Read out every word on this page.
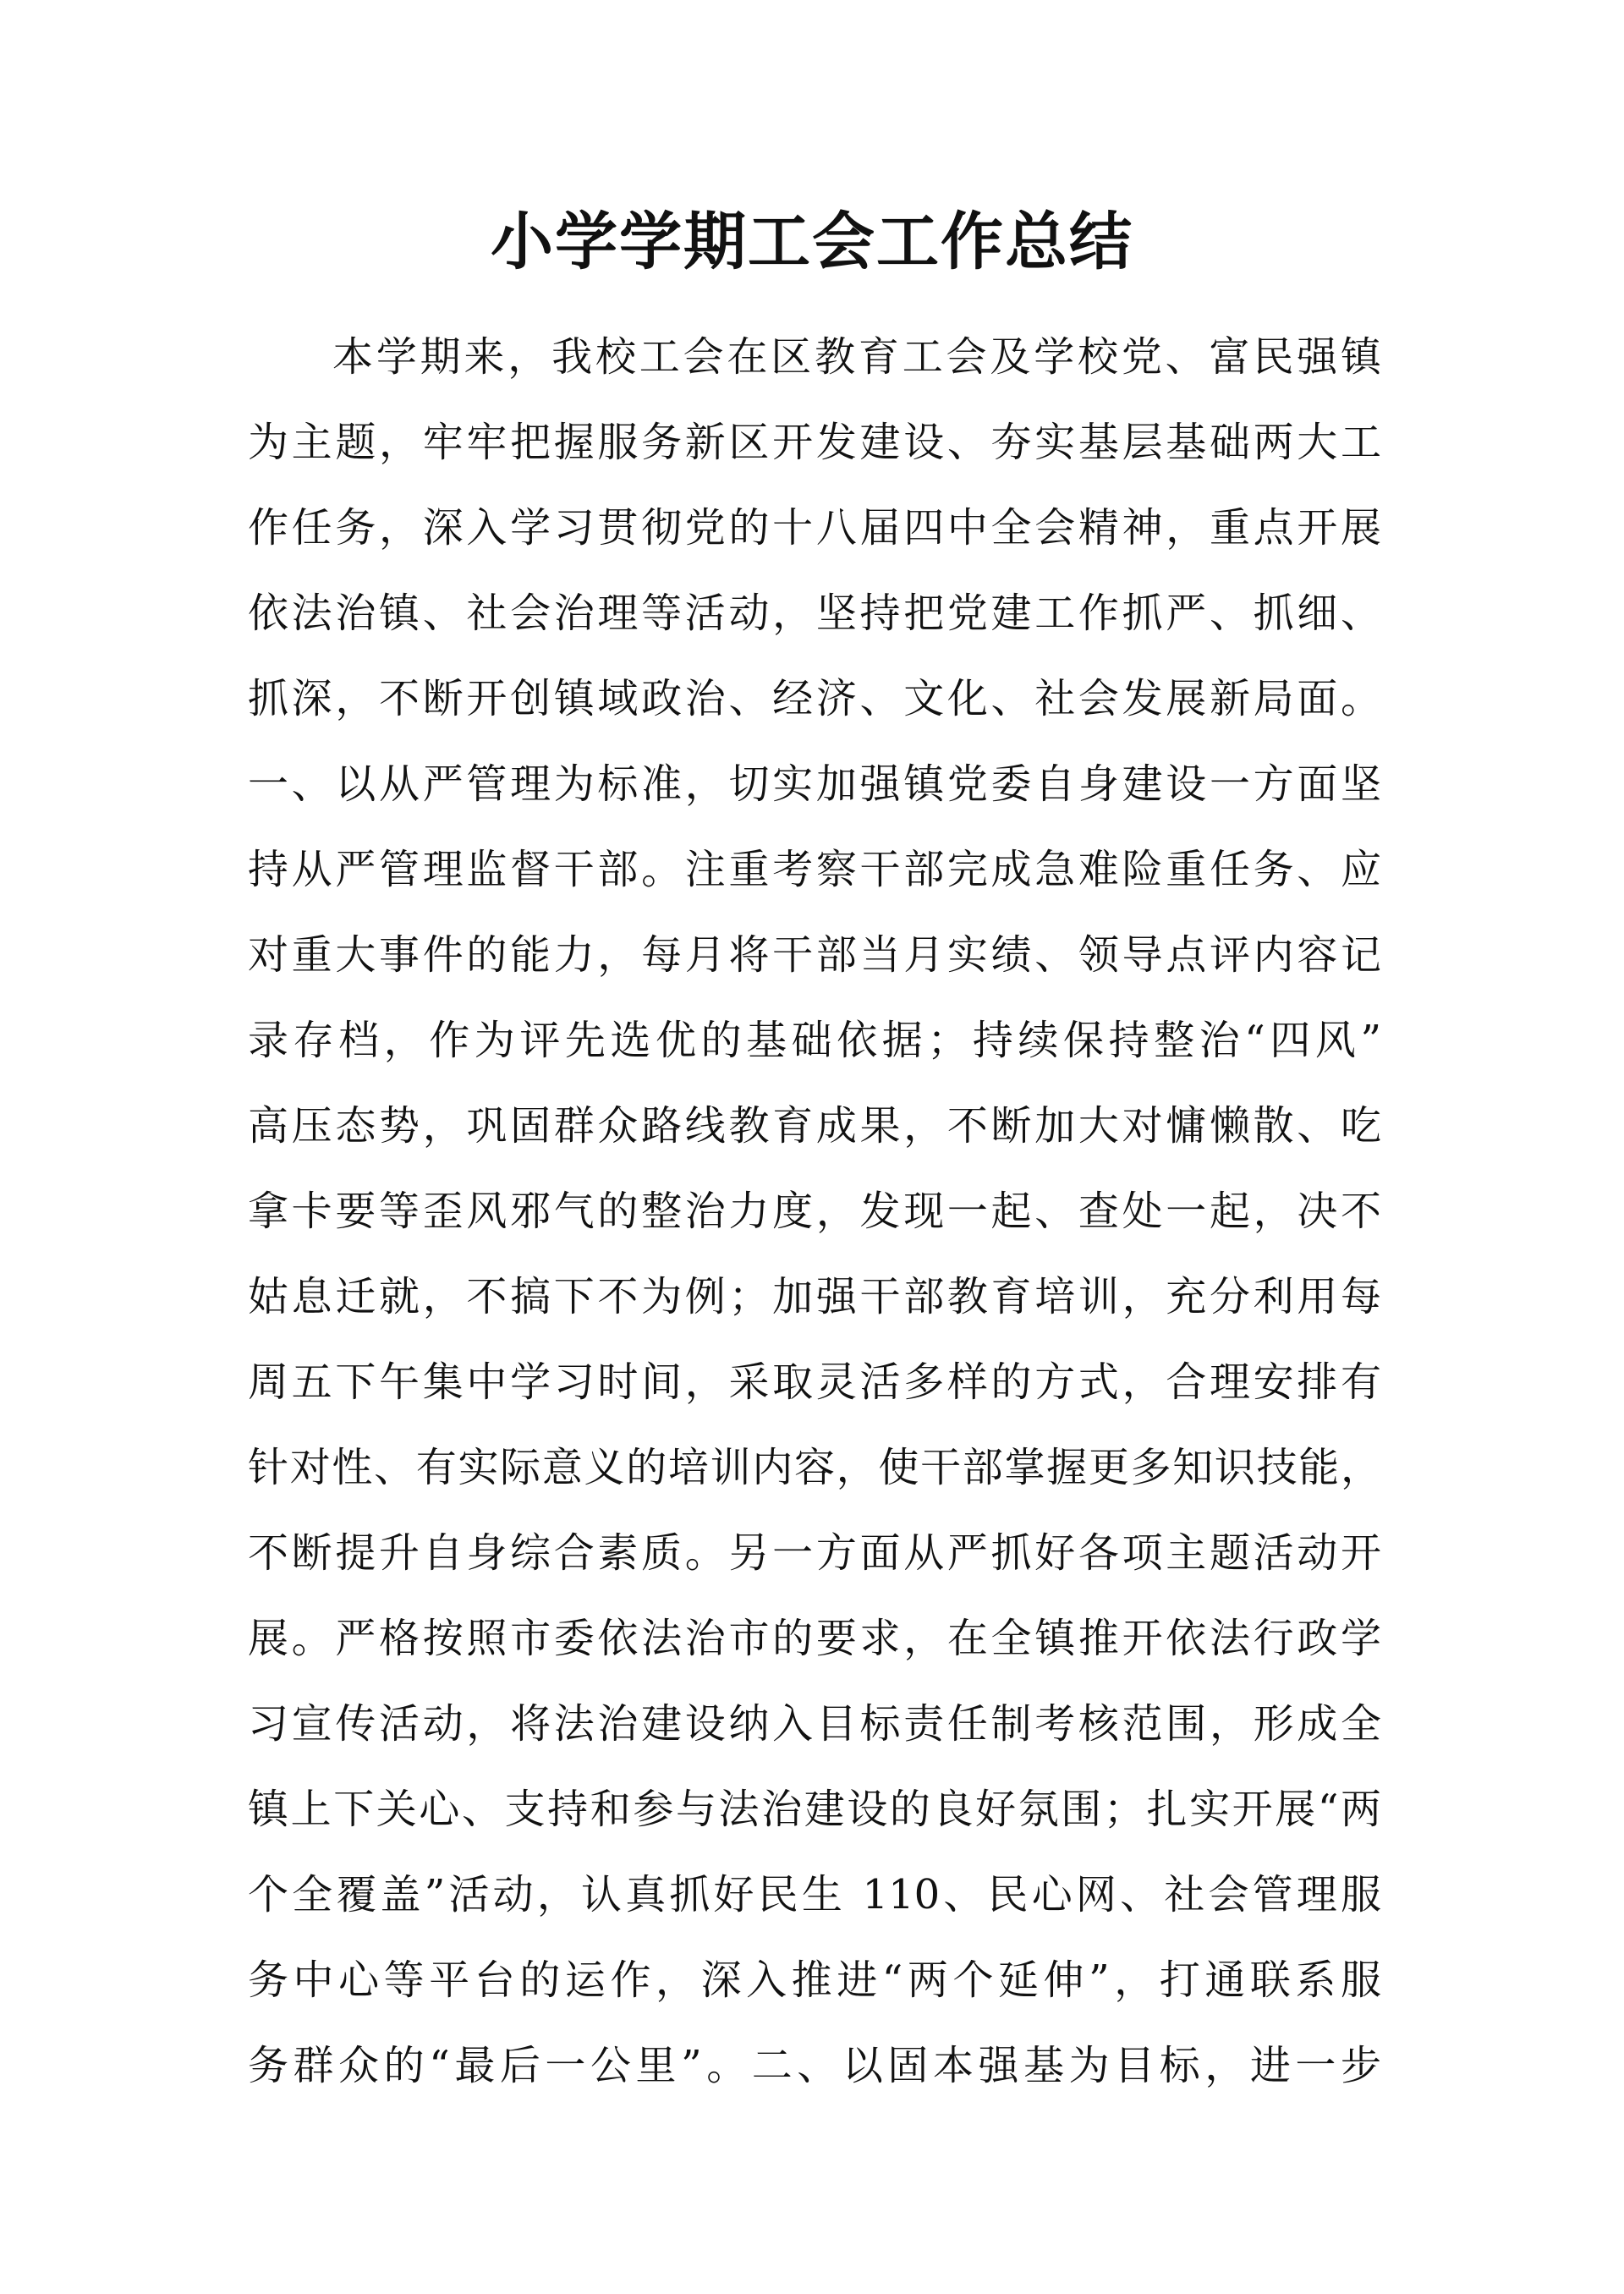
小学学期工会工作总结
本学期来，我校工会在区教育工会及学校党、富民强镇
为主题，牢牢把握服务新区开发建设、夯实基层基础两大工
作任务，深入学习贯彻党的十八届四中全会精神，重点开展
依法治镇、社会治理等活动，坚持把党建工作抓严、抓细、
抓深，不断开创镇域政治、经济、文化、社会发展新局面。
一、以从严管理为标准，切实加强镇党委自身建设一方面坚
持从严管理监督干部。注重考察干部完成急难险重任务、应
对重大事件的能力，每月将干部当月实绩、领导点评内容记
录存档，作为评先选优的基础依据；持续保持整治“四风”
高压态势，巩固群众路线教育成果，不断加大对慵懒散、吃
拿卡要等歪风邪气的整治力度，发现一起、查处一起，决不
姑息迁就，不搞下不为例；加强干部教育培训，充分利用每
周五下午集中学习时间，采取灵活多样的方式，合理安排有
针对性、有实际意义的培训内容，使干部掌握更多知识技能，
不断提升自身综合素质。另一方面从严抓好各项主题活动开
展。严格按照市委依法治市的要求，在全镇推开依法行政学
习宣传活动，将法治建设纳入目标责任制考核范围，形成全
镇上下关心、支持和参与法治建设的良好氛围；扎实开展“两
个全覆盖”活动，认真抓好民生 110、民心网、社会管理服
务中心等平台的运作，深入推进“两个延伸”，打通联系服
务群众的“最后一公里”。二、以固本强基为目标，进一步
